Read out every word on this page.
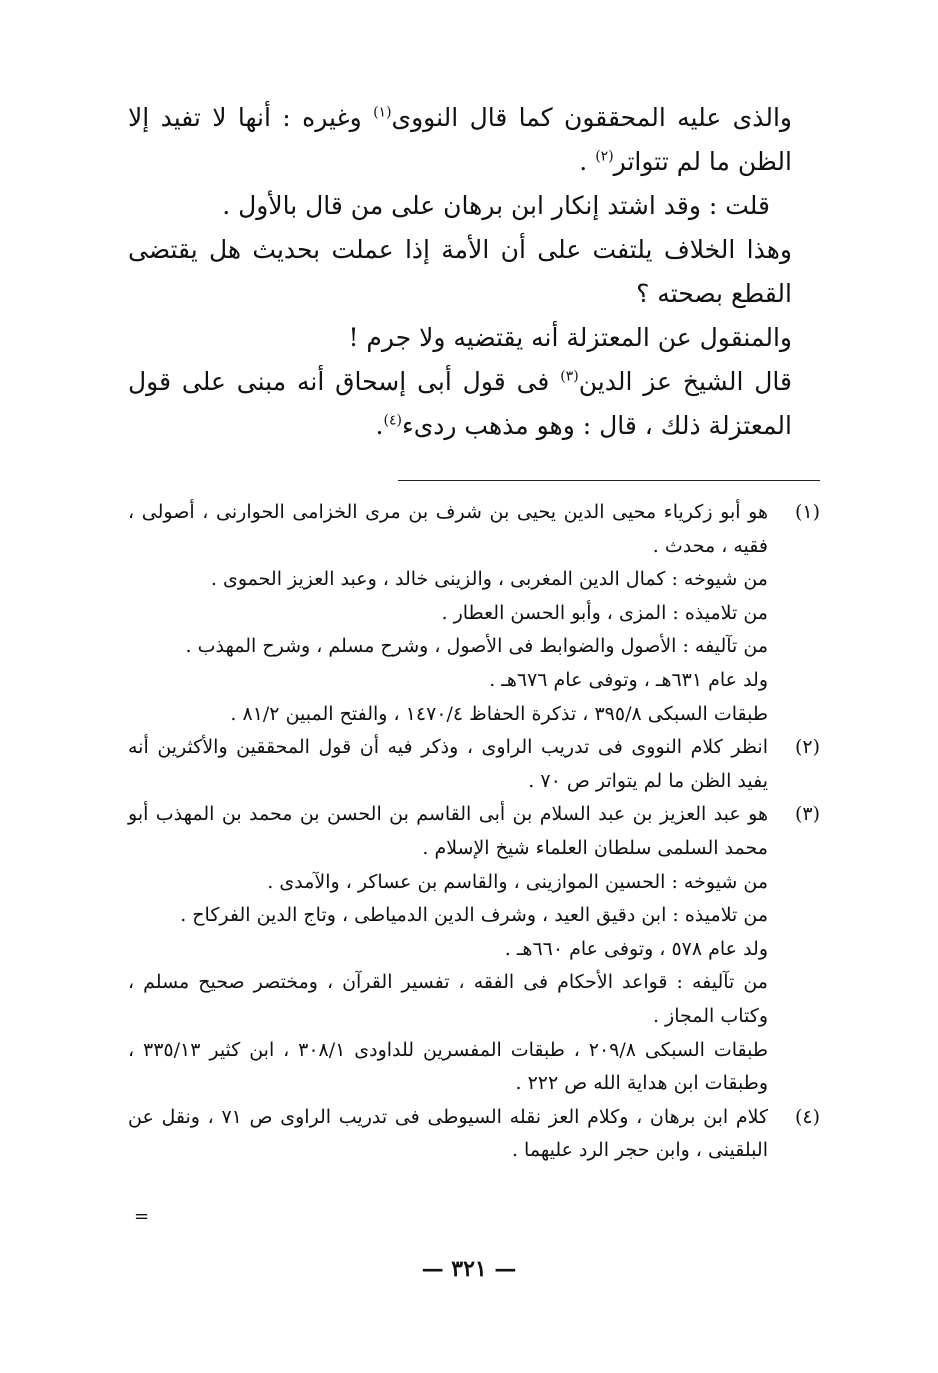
والذى عليه المحققون كما قال النووى$^{(١)}$ وغيره : أنها لا تفيد إلا الظن ما لم تتواتر$^{(٢)}$ .

قلت : وقد اشتد إنكار ابن برهان على من قال بالأول .

وهذا الخلاف يلتفت على أن الأمة إذا عملت بحديث هل يقتضى القطع بصحته ؟

والمنقول عن المعتزلة أنه يقتضيه ولا جرم !

قال الشيخ عز الدين$^{(٣)}$ فى قول أبى إسحاق أنه مبنى على قول المعتزلة ذلك ، قال : وهو مذهب ردىء$^{(٤)}$.

(١)
هو أبو زكرياء محيى الدين يحيى بن شرف بن مرى الخزامى الحوارنى ، أصولى ، فقيه ، محدث .
من شيوخه : كمال الدين المغربى ، والزينى خالد ، وعبد العزيز الحموى .
من تلاميذه : المزى ، وأبو الحسن العطار .
من تآليفه : الأصول والضوابط فى الأصول ، وشرح مسلم ، وشرح المهذب .
ولد عام ٦٣١هـ ، وتوفى عام ٦٧٦هـ .
طبقات السبكى ٣٩٥/٨ ، تذكرة الحفاظ ١٤٧٠/٤ ، والفتح المبين ٨١/٢ .
(٢)
انظر كلام النووى فى تدريب الراوى ، وذكر فيه أن قول المحققين والأكثرين أنه يفيد الظن ما لم يتواتر ص ٧٠ .
(٣)
هو عبد العزيز بن عبد السلام بن أبى القاسم بن الحسن بن محمد بن المهذب أبو محمد السلمى سلطان العلماء شيخ الإسلام .
من شيوخه : الحسين الموازينى ، والقاسم بن عساكر ، والآمدى .
من تلاميذه : ابن دقيق العيد ، وشرف الدين الدمياطى ، وتاج الدين الفركاح .
ولد عام ٥٧٨ ، وتوفى عام ٦٦٠هـ .
من تآليفه : قواعد الأحكام فى الفقه ، تفسير القرآن ، ومختصر صحيح مسلم ، وكتاب المجاز .
طبقات السبكى ٢٠٩/٨ ، طبقات المفسرين للداودى ٣٠٨/١ ، ابن كثير ٣٣٥/١٣ ، وطبقات ابن هداية الله ص ٢٢٢ .
(٤)
كلام ابن برهان ، وكلام العز نقله السيوطى فى تدريب الراوى ص ٧١ ، ونقل عن البلقينى ، وابن حجر الرد عليهما .
=
— ٣٢١ —
